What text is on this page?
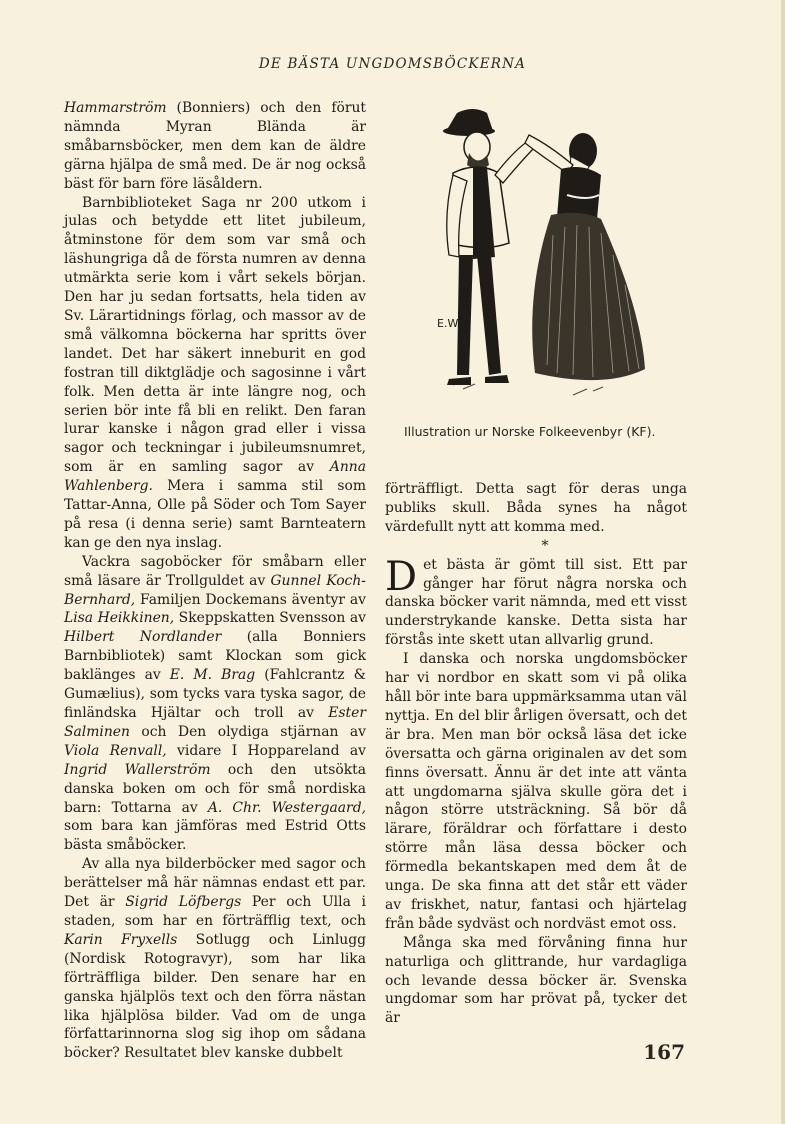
DE BÄSTA UNGDOMSBÖCKERNA

Hammarström (Bonniers) och den förut nämnda Myran Blända är småbarnsböcker, men dem kan de äldre gärna hjälpa de små med. De är nog också bäst för barn före läsåldern.

Barnbiblioteket Saga nr 200 utkom i julas och betydde ett litet jubileum, åtminstone för dem som var små och läshungriga då de första numren av denna utmärkta serie kom i vårt sekels början. Den har ju sedan fortsatts, hela tiden av Sv. Lärartidnings förlag, och massor av de små välkomna böckerna har spritts över landet. Det har säkert inneburit en god fostran till diktglädje och sagosinne i vårt folk. Men detta är inte längre nog, och serien bör inte få bli en relikt. Den faran lurar kanske i någon grad eller i vissa sagor och teckningar i jubileumsnumret, som är en samling sagor av Anna Wahlenberg. Mera i samma stil som Tattar-Anna, Olle på Söder och Tom Sayer på resa (i denna serie) samt Barnteatern kan ge den nya inslag.

Vackra sagoböcker för småbarn eller små läsare är Trollguldet av Gunnel Koch-Bernhard, Familjen Dockemans äventyr av Lisa Heikkinen, Skeppskatten Svensson av Hilbert Nordlander (alla Bonniers Barnbibliotek) samt Klockan som gick baklänges av E. M. Brag (Fahlcrantz & Gumælius), som tycks vara tyska sagor, de finländska Hjältar och troll av Ester Salminen och Den olydiga stjärnan av Viola Renvall, vidare I Hoppareland av Ingrid Wallerström och den utsökta danska boken om och för små nordiska barn: Tottarna av A. Chr. Westergaard, som bara kan jämföras med Estrid Otts bästa småböcker.

Av alla nya bilderböcker med sagor och berättelser må här nämnas endast ett par. Det är Sigrid Löfbergs Per och Ulla i staden, som har en förträfflig text, och Karin Fryxells Sotlugg och Linlugg (Nordisk Rotogravyr), som har lika förträffliga bilder. Den senare har en ganska hjälplös text och den förra nästan lika hjälplösa bilder. Vad om de unga författarinnorna slog sig ihop om sådana böcker? Resultatet blev kanske dubbelt

E.W
Illustration ur Norske Folkeevenbyr (KF).

förträffligt. Detta sagt för deras unga publiks skull. Båda synes ha något värdefullt nytt att komma med.

*

Det bästa är gömt till sist. Ett par gånger har förut några norska och danska böcker varit nämnda, med ett visst understrykande kanske. Detta sista har förstås inte skett utan allvarlig grund.

I danska och norska ungdomsböcker har vi nordbor en skatt som vi på olika håll bör inte bara uppmärksamma utan väl nyttja. En del blir årligen översatt, och det är bra. Men man bör också läsa det icke översatta och gärna originalen av det som finns översatt. Ännu är det inte att vänta att ungdomarna själva skulle göra det i någon större utsträckning. Så bör då lärare, föräldrar och författare i desto större mån läsa dessa böcker och förmedla bekantskapen med dem åt de unga. De ska finna att det står ett väder av friskhet, natur, fantasi och hjärtelag från både sydväst och nordväst emot oss.

Många ska med förvåning finna hur naturliga och glittrande, hur vardagliga och levande dessa böcker är. Svenska ungdomar som har prövat på, tycker det är

167
